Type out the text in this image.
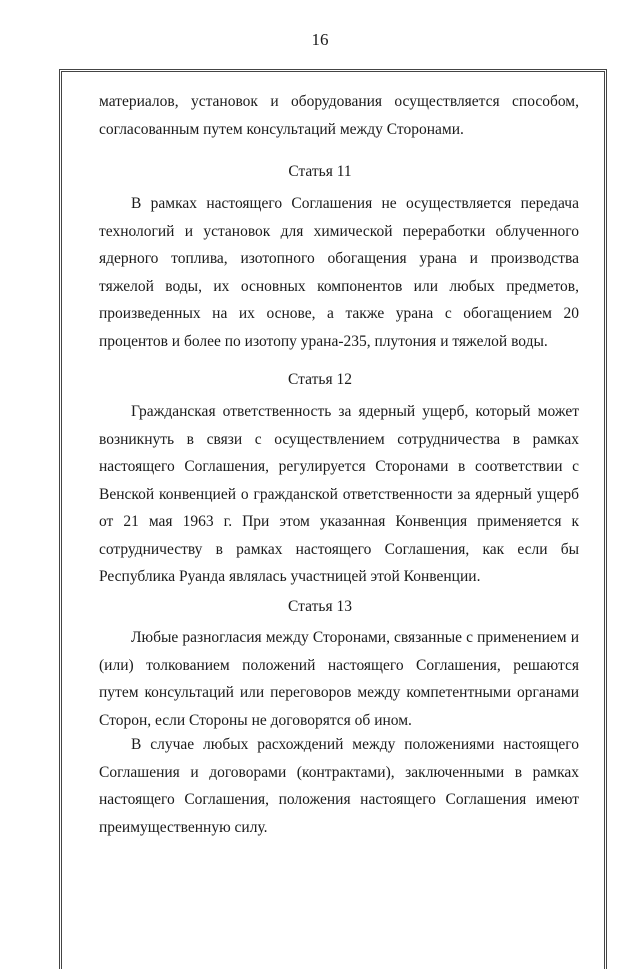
16

материалов, установок и оборудования осуществляется способом, согласованным путем консультаций между Сторонами.

Статья 11

В рамках настоящего Соглашения не осуществляется передача технологий и установок для химической переработки облученного ядерного топлива, изотопного обогащения урана и производства тяжелой воды, их основных компонентов или любых предметов, произведенных на их основе, а также урана с обогащением 20 процентов и более по изотопу урана-235, плутония и тяжелой воды.

Статья 12

Гражданская ответственность за ядерный ущерб, который может возникнуть в связи с осуществлением сотрудничества в рамках настоящего Соглашения, регулируется Сторонами в соответствии с Венской конвенцией о гражданской ответственности за ядерный ущерб от 21 мая 1963 г. При этом указанная Конвенция применяется к сотрудничеству в рамках настоящего Соглашения, как если бы Республика Руанда являлась участницей этой Конвенции.

Статья 13

Любые разногласия между Сторонами, связанные с применением и (или) толкованием положений настоящего Соглашения, решаются путем консультаций или переговоров между компетентными органами Сторон, если Стороны не договорятся об ином.

В случае любых расхождений между положениями настоящего Соглашения и договорами (контрактами), заключенными в рамках настоящего Соглашения, положения настоящего Соглашения имеют преимущественную силу.
